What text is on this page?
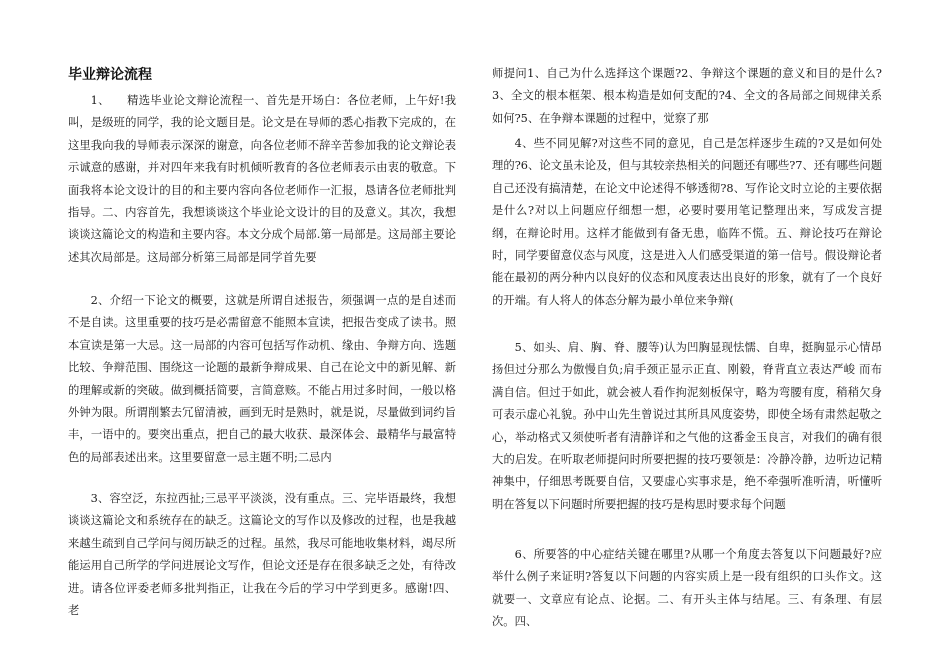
毕业辩论流程

1、　　精选毕业论文辩论流程一、首先是开场白：各位老师，上午好!我叫，是级班的同学，我的论文题目是。论文是在导师的悉心指教下完成的，在这里我向我的导师表示深深的谢意，向各位老师不辞辛苦参加我的论文辩论表示诚意的感谢，并对四年来我有时机倾听教育的各位老师表示由衷的敬意。下面我将本论文设计的目的和主要内容向各位老师作一汇报，恳请各位老师批判指导。二、内容首先，我想谈谈这个毕业论文设计的目的及意义。其次，我想谈谈这篇论文的构造和主要内容。本文分成个局部.第一局部是。这局部主要论述其次局部是。这局部分析第三局部是同学首先要

2、介绍一下论文的概要，这就是所谓自述报告，须强调一点的是自述而不是自读。这里重要的技巧是必需留意不能照本宣读，把报告变成了读书。照本宣读是第一大忌。这一局部的内容可包括写作动机、缘由、争辩方向、选题比较、争辩范围、围绕这一论题的最新争辩成果、自己在论文中的新见解、新的理解或新的突破。做到概括简要，言简意赅。不能占用过多时间，一般以格外钟为限。所谓削繁去冗留清被，画到无时是熟时，就是说，尽量做到词约旨丰，一语中的。要突出重点，把自己的最大收获、最深体会、最精华与最富特色的局部表述出来。这里要留意一忌主题不明;二忌内

3、容空泛，东拉西扯;三忌平平淡淡，没有重点。三、完毕语最终，我想谈谈这篇论文和系统存在的缺乏。这篇论文的写作以及修改的过程，也是我越来越生疏到自己学问与阅历缺乏的过程。虽然，我尽可能地收集材料，竭尽所能运用自己所学的学问进展论文写作，但论文还是存在很多缺乏之处，有待改进。请各位评委老师多批判指正，让我在今后的学习中学到更多。感谢!四、老

师提问1、自己为什么选择这个课题?2、争辩这个课题的意义和目的是什么?3、全文的根本框架、根本构造是如何支配的?4、全文的各局部之间规律关系如何?5、在争辩本课题的过程中，觉察了那

4、些不同见解?对这些不同的意见，自己是怎样逐步生疏的?又是如何处理的?6、论文虽未论及，但与其较亲热相关的问题还有哪些?7、还有哪些问题自己还没有搞清楚，在论文中论述得不够透彻?8、写作论文时立论的主要依据是什么?对以上问题应仔细想一想，必要时要用笔记整理出来，写成发言提纲，在辩论时用。这样才能做到有备无患，临阵不慌。五、辩论技巧在辩论时，同学要留意仪态与风度，这是进入人们感受渠道的第一信号。假设辩论者能在最初的两分种内以良好的仪态和风度表达出良好的形象，就有了一个良好的开端。有人将人的体态分解为最小单位来争辩(

5、如头、肩、胸、脊、腰等)认为凹胸显现怯懦、自卑，挺胸显示心情昂扬但过分那么为傲慢自负;肩手颈正显示正直、刚毅，脊背直立表达严峻 而布满自信。但过于如此，就会被人看作拘泥刻板保守，略为弯腰有度，稍稍欠身可表示虚心礼貌。孙中山先生曾说过其所具风度姿势，即使全场有肃然起敬之心，举动格式又须使听者有清静详和之气他的这番金玉良言，对我们的确有很大的启发。在听取老师提问时所要把握的技巧要领是：冷静冷静，边听边记精神集中，仔细思考既要自信，又要虚心实事求是，绝不牵强听准听清，听懂听明在答复以下问题时所要把握的技巧是构思时要求每个问题

6、所要答的中心症结关键在哪里?从哪一个角度去答复以下问题最好?应举什么例子来证明?答复以下问题的内容实质上是一段有组织的口头作文。这就要一、文章应有论点、论据。二、有开头主体与结尾。三、有条理、有层次。四、
